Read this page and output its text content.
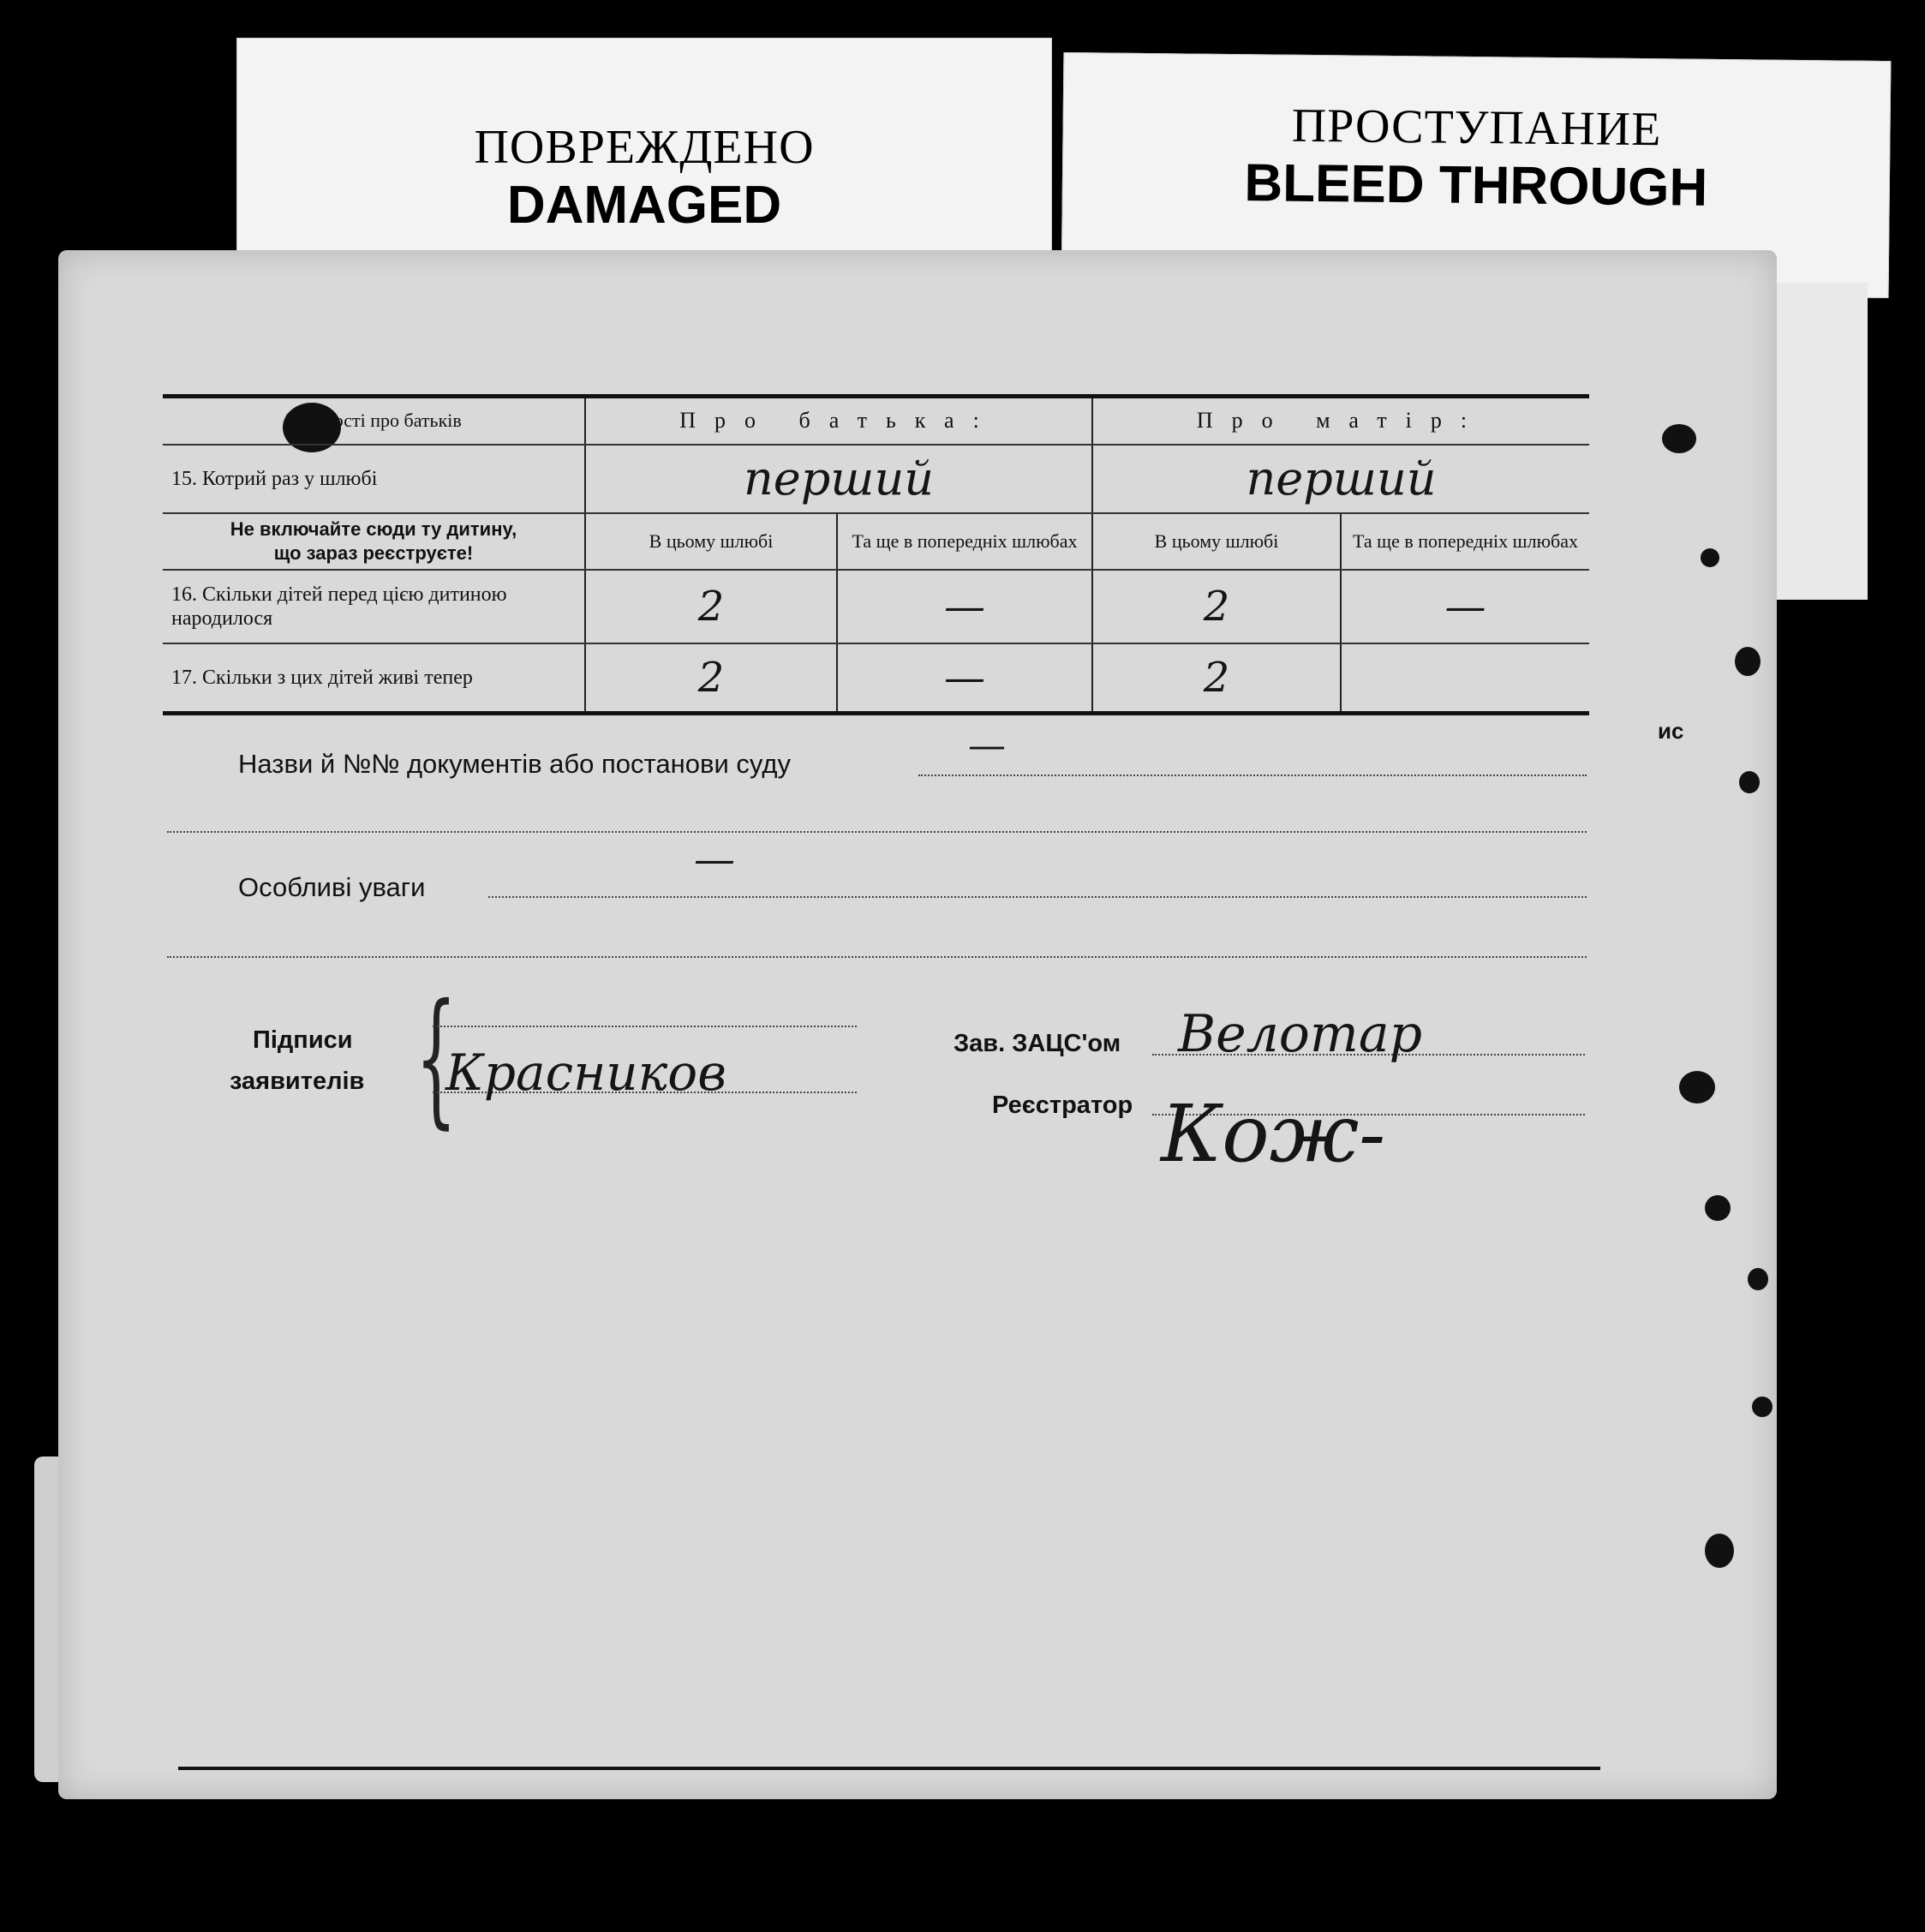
ПОВРЕЖДЕНО
DAMAGED
ПРОСТУПАНИЕ
BLEED THROUGH
Відомості про батьків	Про батька:		Про матір:	
15. Котрий раз у шлюбі	перший		перший	

Не включайте сюди ту дитину,
що зараз реєструєте!	В цьому шлюбі	Та ще в попередніх шлюбах	В цьому шлюбі	Та ще в попередніх шлюбах
16. Скільки дітей перед цією дитиною народилося	2	—	2	—
17. Скільки з цих дітей живі тепер	2	—	2	
Назви й №№ документів або постанови суду	—
Особливі уваги
—
Підписи
заявителів {
Красников	Зав. ЗАЦС'ом Велотар
Реєстратор Кож-
ис
